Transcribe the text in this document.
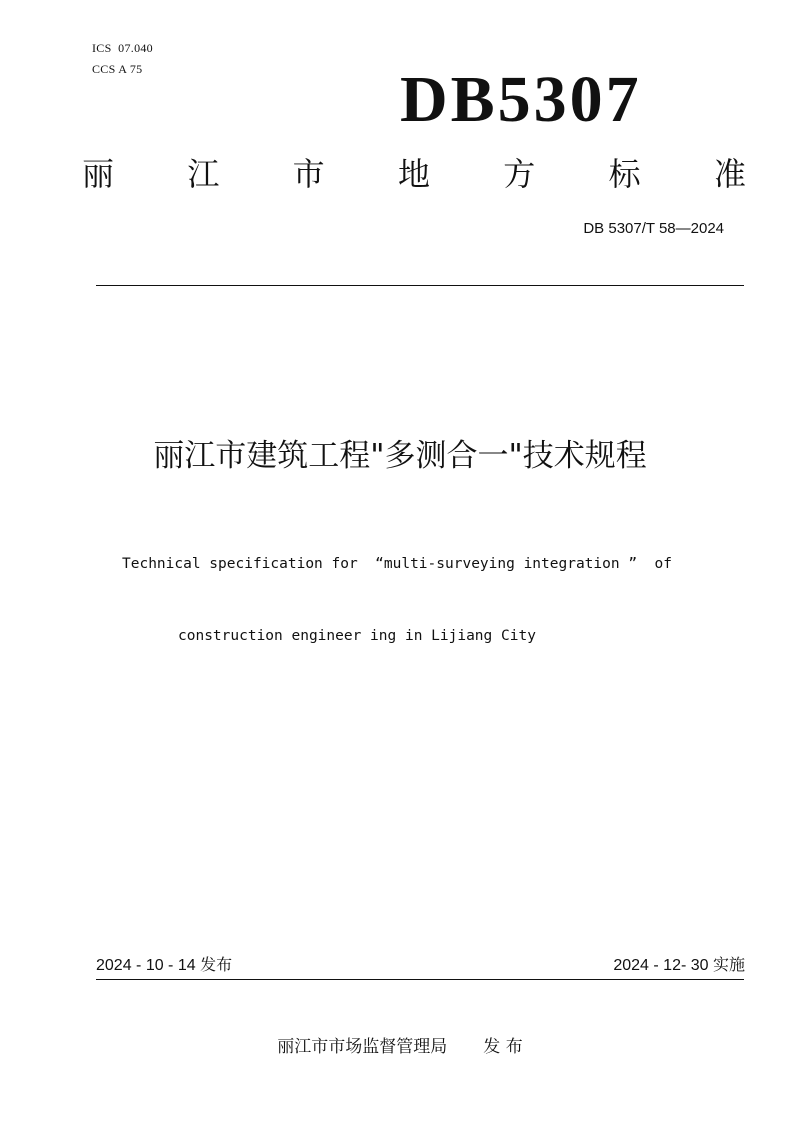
ICS  07.040
CCS A 75	DB5307
丽 江 市 地 方 标 准
DB 5307/T 58—2024
丽江市建筑工程"多测合一"技术规程

Technical specification for  “multi-surveying integration ”  of

construction engineer ing in Lijiang City

2024 - 10 - 14 发布	2024 - 12- 30 实施
丽江市市场监督管理局 发 布
